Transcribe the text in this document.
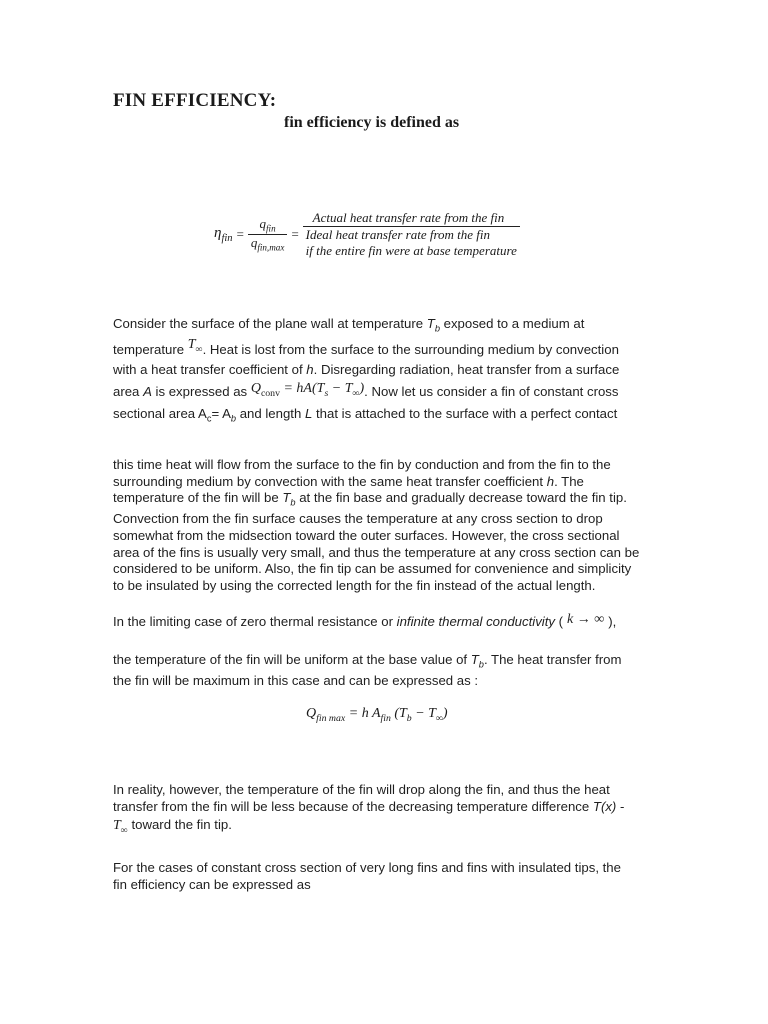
FIN EFFICIENCY:
fin efficiency is defined as
$\eta_{fin} = \frac{q_{fin}}{q_{fin,max}}$ =
Actual heat transfer rate from the fin
Ideal heat transfer rate from the fin
if the entire fin were at base temperature
Consider the surface of the plane wall at temperature $T_b$ exposed to a medium at
temperature $T_\infty$. Heat is lost from the surface to the surrounding medium by convection
with a heat transfer coefficient of h. Disregarding radiation, heat transfer from a surface
area A is expressed as $Q_{conv} = hA(T_s - T_\infty)$. Now let us consider a fin of constant cross
sectional area $A_c= A_b$ and length L that is attached to the surface with a perfect contact
this time heat will flow from the surface to the fin by conduction and from the fin to the
surrounding medium by convection with the same heat transfer coefficient h. The
temperature of the fin will be $T_b$ at the fin base and gradually decrease toward the fin tip.
Convection from the fin surface causes the temperature at any cross section to drop
somewhat from the midsection toward the outer surfaces. However, the cross sectional
area of the fins is usually very small, and thus the temperature at any cross section can be
considered to be uniform. Also, the fin tip can be assumed for convenience and simplicity
to be insulated by using the corrected length for the fin instead of the actual length.
In the limiting case of zero thermal resistance or infinite thermal conductivity ( k → ∞ ),
the temperature of the fin will be uniform at the base value of $T_b$. The heat transfer from
the fin will be maximum in this case and can be expressed as :
$Q_{fin max} = h$ $A_{fin}$ $(T_b - T_\infty)$
In reality, however, the temperature of the fin will drop along the fin, and thus the heat
transfer from the fin will be less because of the decreasing temperature difference T(x) -
$T_\infty$ toward the fin tip.
For the cases of constant cross section of very long fins and fins with insulated tips, the
fin efficiency can be expressed as
